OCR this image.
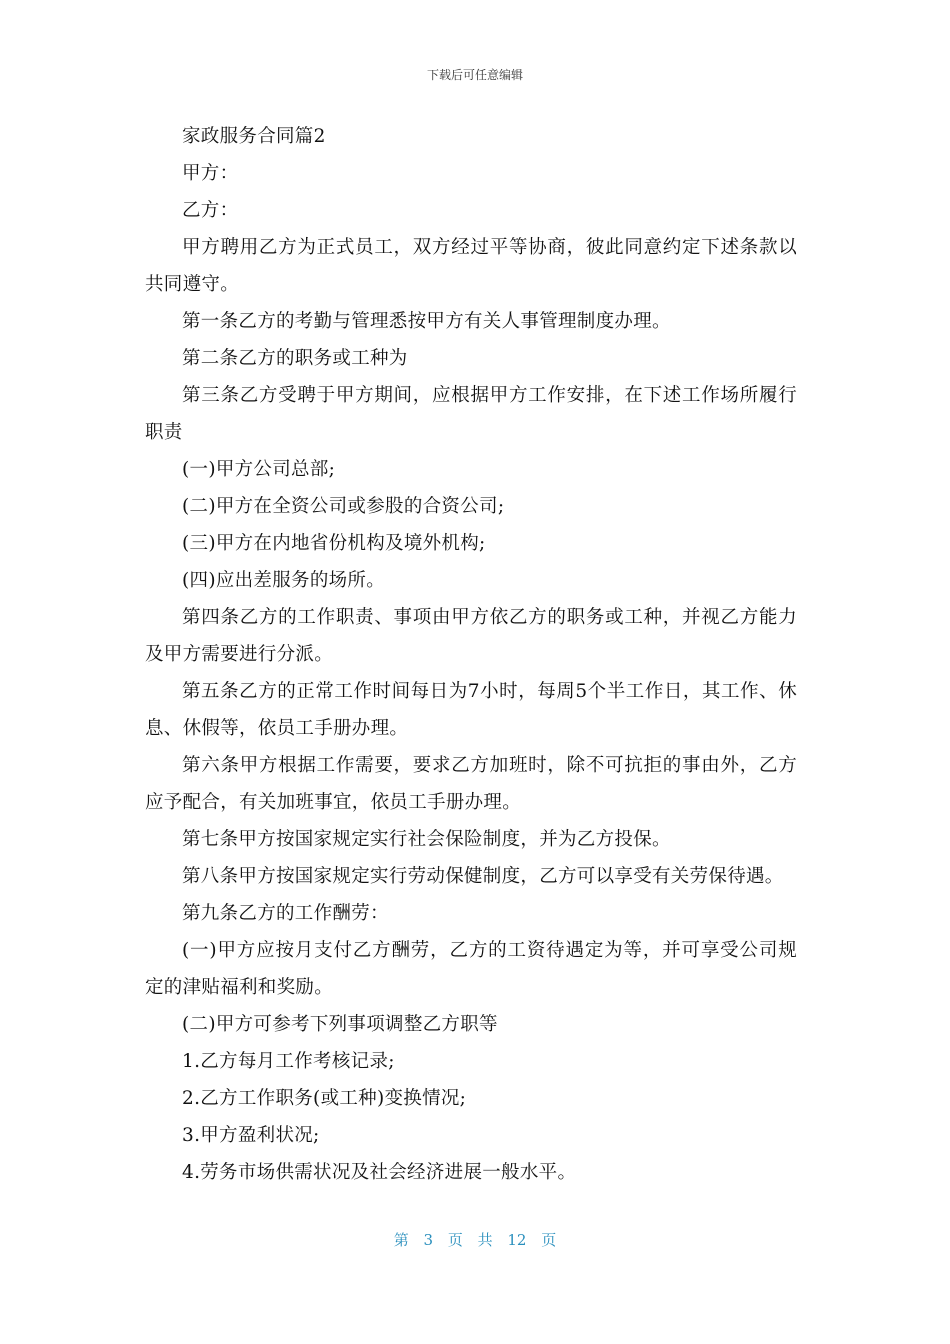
下载后可任意编辑

家政服务合同篇2

甲方：

乙方：

甲方聘用乙方为正式员工，双方经过平等协商，彼此同意约定下述条款以共同遵守。

第一条乙方的考勤与管理悉按甲方有关人事管理制度办理。

第二条乙方的职务或工种为

第三条乙方受聘于甲方期间，应根据甲方工作安排，在下述工作场所履行职责

(一)甲方公司总部;

(二)甲方在全资公司或参股的合资公司;

(三)甲方在内地省份机构及境外机构;

(四)应出差服务的场所。

第四条乙方的工作职责、事项由甲方依乙方的职务或工种，并视乙方能力及甲方需要进行分派。

第五条乙方的正常工作时间每日为7小时，每周5个半工作日，其工作、休息、休假等，依员工手册办理。

第六条甲方根据工作需要，要求乙方加班时，除不可抗拒的事由外，乙方应予配合，有关加班事宜，依员工手册办理。

第七条甲方按国家规定实行社会保险制度，并为乙方投保。

第八条甲方按国家规定实行劳动保健制度，乙方可以享受有关劳保待遇。

第九条乙方的工作酬劳：

(一)甲方应按月支付乙方酬劳，乙方的工资待遇定为等，并可享受公司规定的津贴福利和奖励。

(二)甲方可参考下列事项调整乙方职等

1.乙方每月工作考核记录;

2.乙方工作职务(或工种)变换情况;

3.甲方盈利状况;

4.劳务市场供需状况及社会经济进展一般水平。

第 3 页 共 12 页
